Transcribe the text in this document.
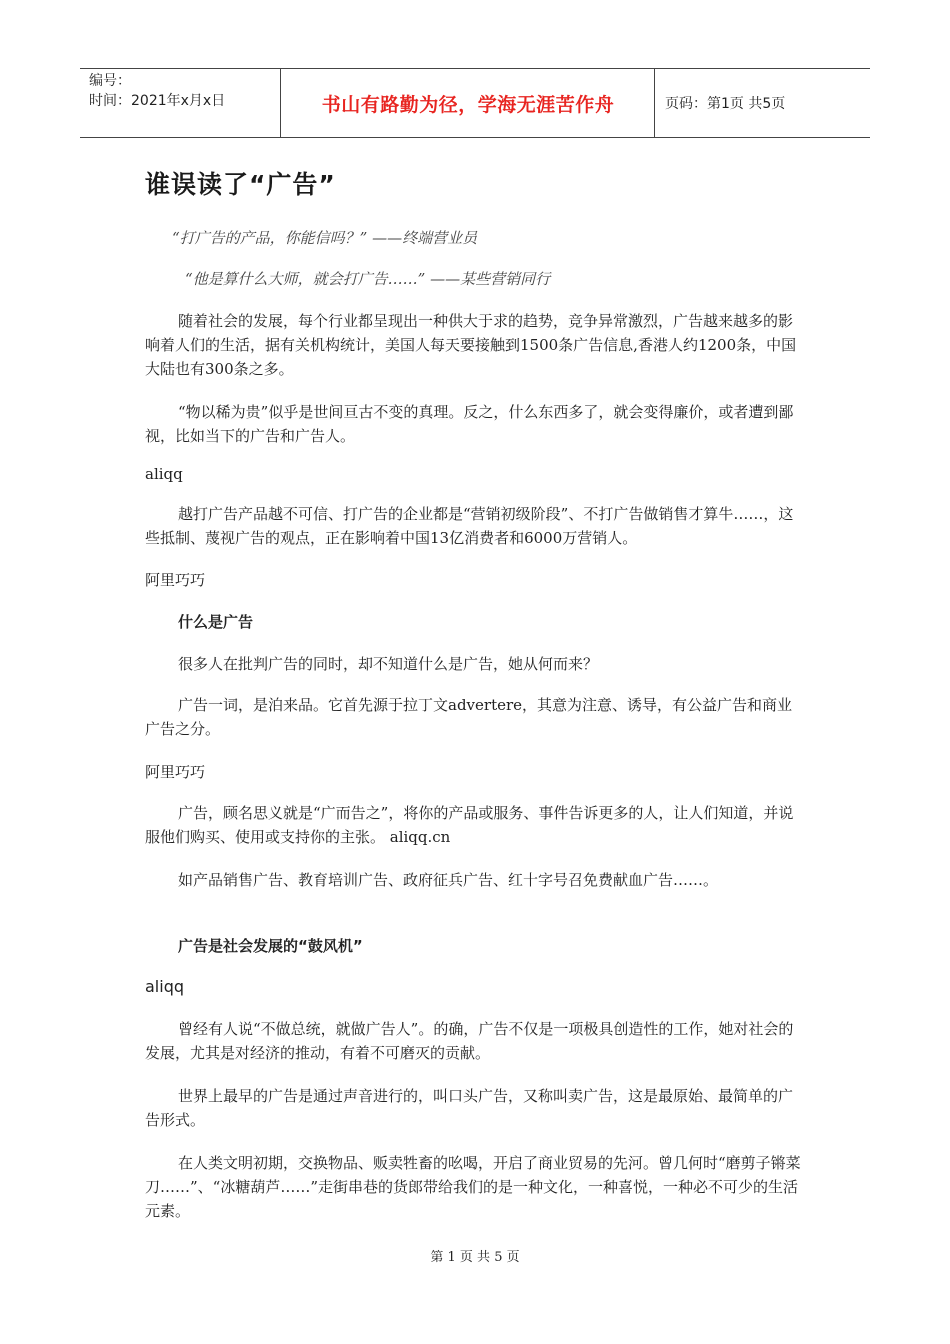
编号：
时间：2021年x月x日	书山有路勤为径，学海无涯苦作舟	页码：第1页 共5页
谁误读了“广告”
“打广告的产品，你能信吗？” ——终端营业员
“他是算什么大师，就会打广告……” ——某些营销同行
随着社会的发展，每个行业都呈现出一种供大于求的趋势，竞争异常激烈，广告越来越多的影响着人们的生活，据有关机构统计，美国人每天要接触到1500条广告信息,香港人约1200条，中国大陆也有300条之多。
“物以稀为贵”似乎是世间亘古不变的真理。反之，什么东西多了，就会变得廉价，或者遭到鄙视，比如当下的广告和广告人。
aliqq
越打广告产品越不可信、打广告的企业都是“营销初级阶段”、不打广告做销售才算牛……，这些抵制、蔑视广告的观点，正在影响着中国13亿消费者和6000万营销人。
阿里巧巧
什么是广告
很多人在批判广告的同时，却不知道什么是广告，她从何而来？
广告一词，是泊来品。它首先源于拉丁文advertere，其意为注意、诱导，有公益广告和商业广告之分。
阿里巧巧
广告，顾名思义就是“广而告之”，将你的产品或服务、事件告诉更多的人，让人们知道，并说服他们购买、使用或支持你的主张。 aliqq.cn
如产品销售广告、教育培训广告、政府征兵广告、红十字号召免费献血广告……。
广告是社会发展的“鼓风机”
aliqq
曾经有人说“不做总统，就做广告人”。的确，广告不仅是一项极具创造性的工作，她对社会的发展，尤其是对经济的推动，有着不可磨灭的贡献。
世界上最早的广告是通过声音进行的，叫口头广告，又称叫卖广告，这是最原始、最简单的广告形式。
在人类文明初期，交换物品、贩卖牲畜的吆喝，开启了商业贸易的先河。曾几何时“磨剪子锵菜刀……”、“冰糖葫芦……”走街串巷的货郎带给我们的是一种文化，一种喜悦，一种必不可少的生活元素。
第 1 页 共 5 页
